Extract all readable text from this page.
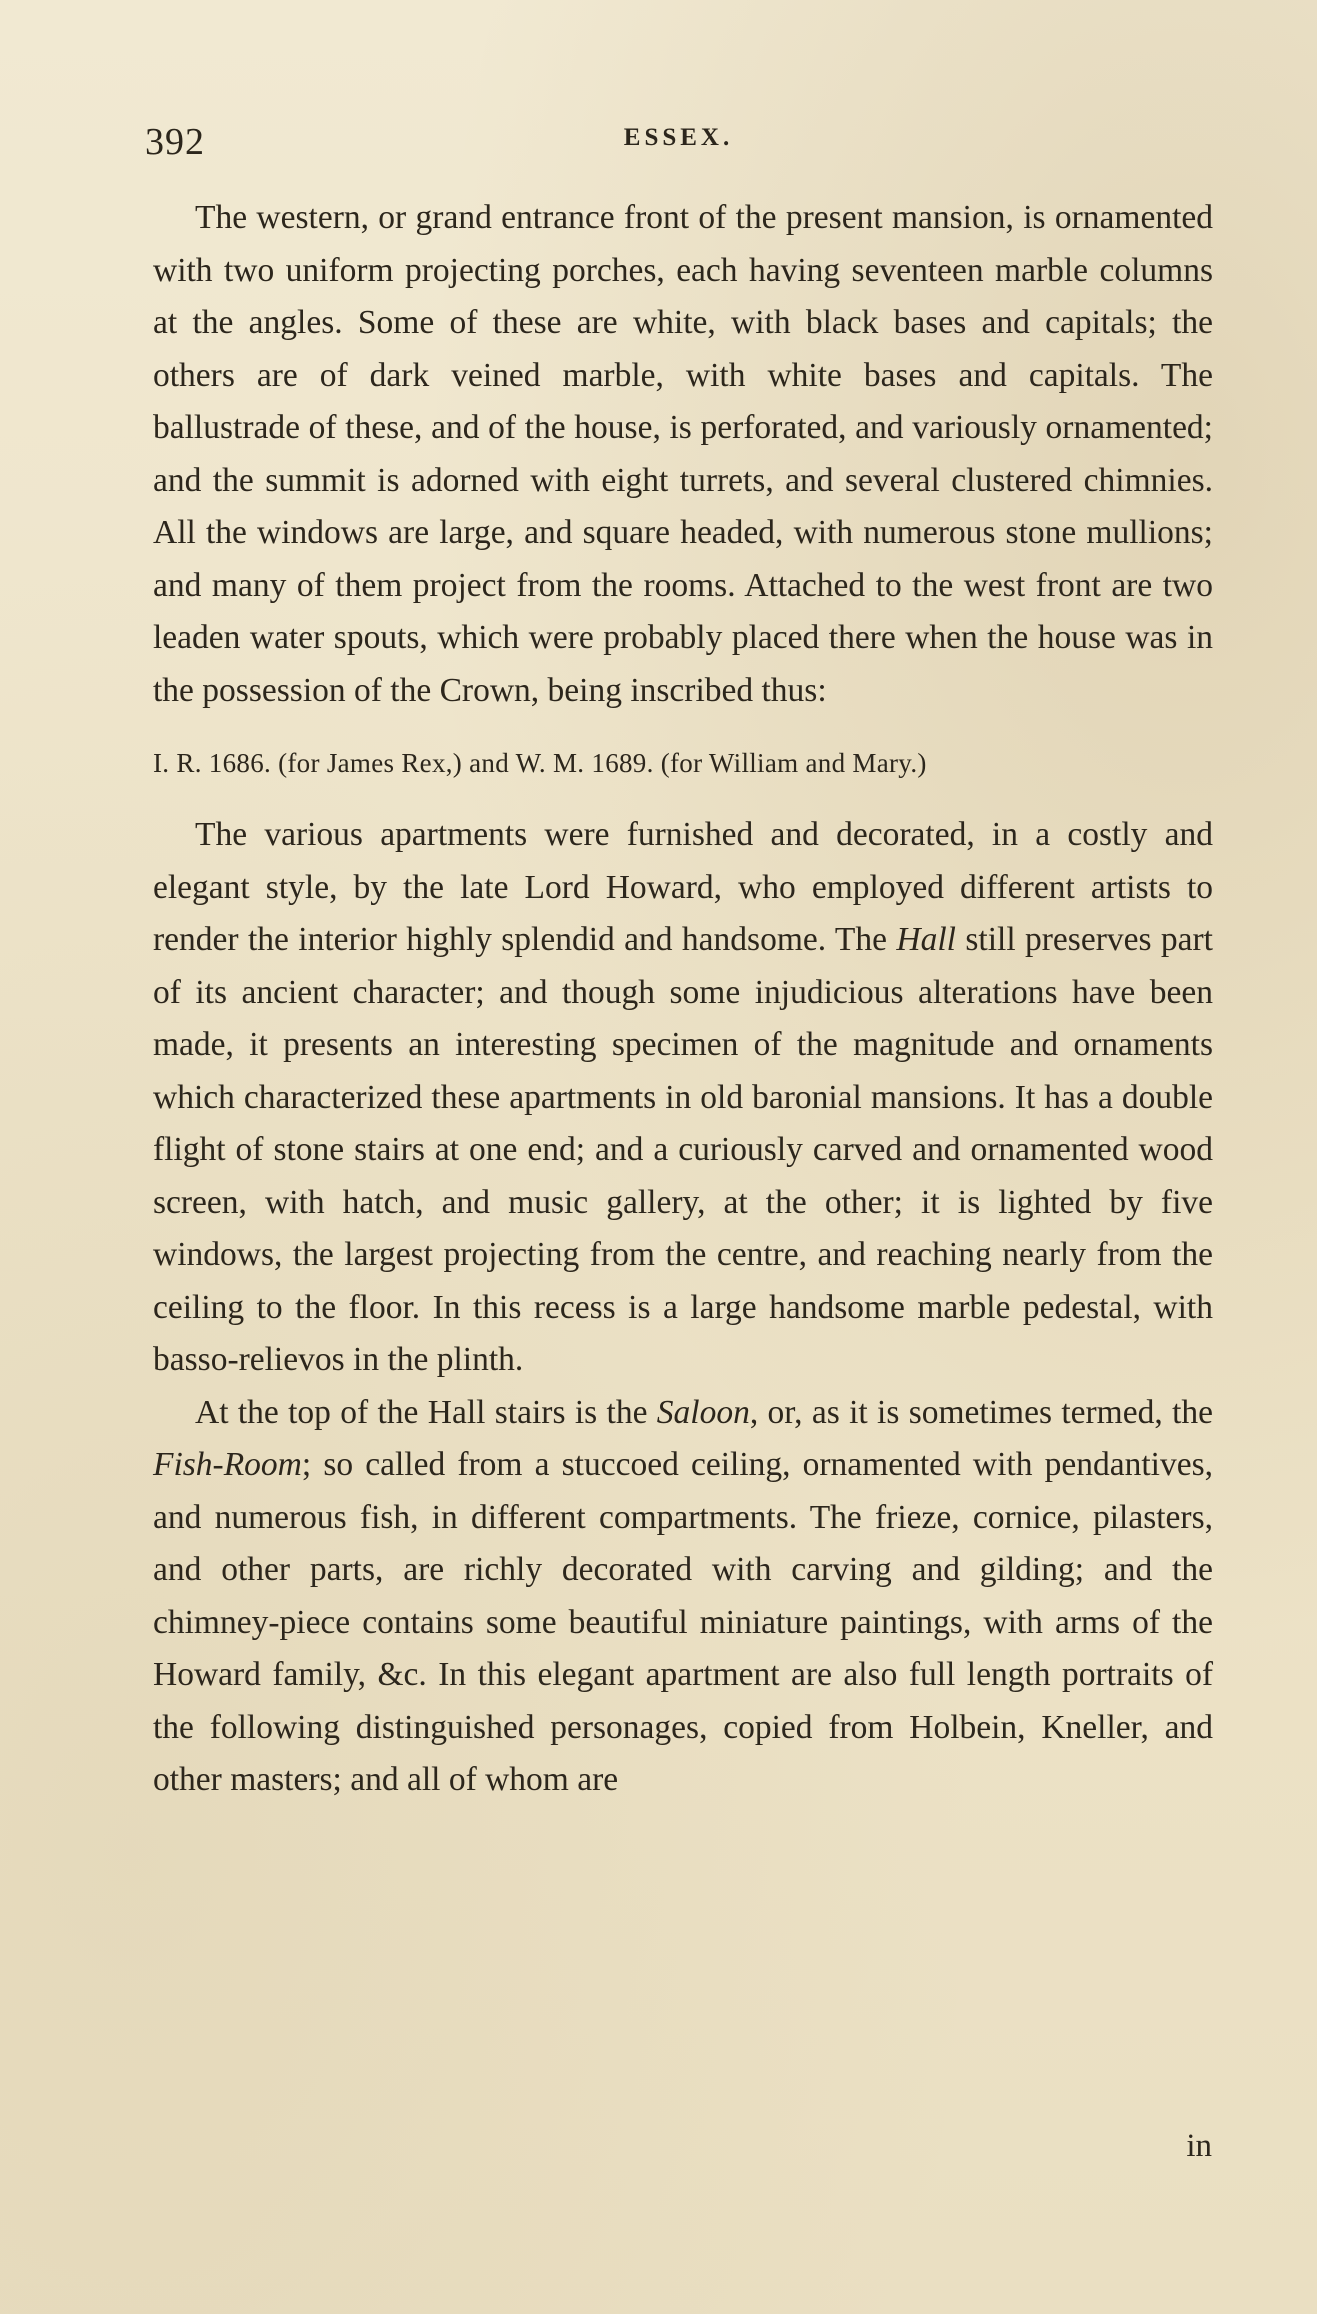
392	ESSEX.

The western, or grand entrance front of the present mansion, is ornamented with two uniform projecting porches, each having seventeen marble columns at the angles. Some of these are white, with black bases and capitals; the others are of dark veined marble, with white bases and capitals. The ballustrade of these, and of the house, is perforated, and variously ornamented; and the summit is adorned with eight turrets, and several clustered chimnies. All the windows are large, and square headed, with numerous stone mullions; and many of them project from the rooms. Attached to the west front are two leaden water spouts, which were probably placed there when the house was in the possession of the Crown, being inscribed thus:

I. R. 1686. (for James Rex,) and W. M. 1689. (for William and Mary.)

The various apartments were furnished and decorated, in a costly and elegant style, by the late Lord Howard, who employed different artists to render the interior highly splendid and handsome. The Hall still preserves part of its ancient character; and though some injudicious alterations have been made, it presents an interesting specimen of the magnitude and ornaments which characterized these apartments in old baronial mansions. It has a double flight of stone stairs at one end; and a curiously carved and ornamented wood screen, with hatch, and music gallery, at the other; it is lighted by five windows, the largest projecting from the centre, and reaching nearly from the ceiling to the floor. In this recess is a large handsome marble pedestal, with basso-relievos in the plinth.

At the top of the Hall stairs is the Saloon, or, as it is sometimes termed, the Fish-Room; so called from a stuccoed ceiling, ornamented with pendantives, and numerous fish, in different compartments. The frieze, cornice, pilasters, and other parts, are richly decorated with carving and gilding; and the chimney-piece contains some beautiful miniature paintings, with arms of the Howard family, &c. In this elegant apartment are also full length portraits of the following distinguished personages, copied from Holbein, Kneller, and other masters; and all of whom are

in
